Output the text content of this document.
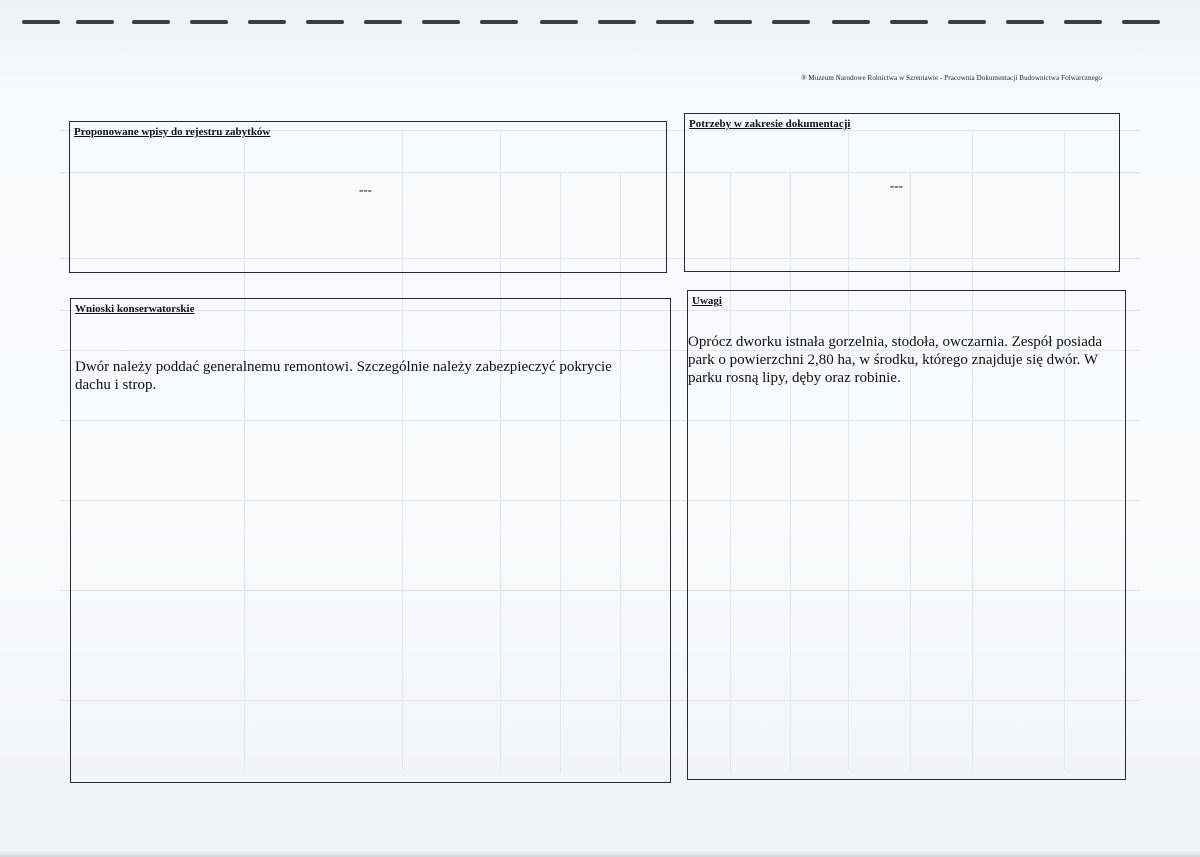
® Muzeum Narodowe Rolnictwa w Szreniawie - Pracownia Dokumentacji Budownictwa Folwarcznego
Proponowane wpisy do rejestru zabytków
---
Potrzeby w zakresie dokumentacji
---
Wnioski konserwatorskie
Dwór należy poddać generalnemu remontowi. Szczególnie należy zabezpieczyć pokrycie dachu i strop.
Uwagi
Oprócz dworku istnała gorzelnia, stodoła, owczarnia. Zespół posiada park o powierzchni 2,80 ha, w środku, którego znajduje się dwór. W parku rosną lipy, dęby oraz robinie.
